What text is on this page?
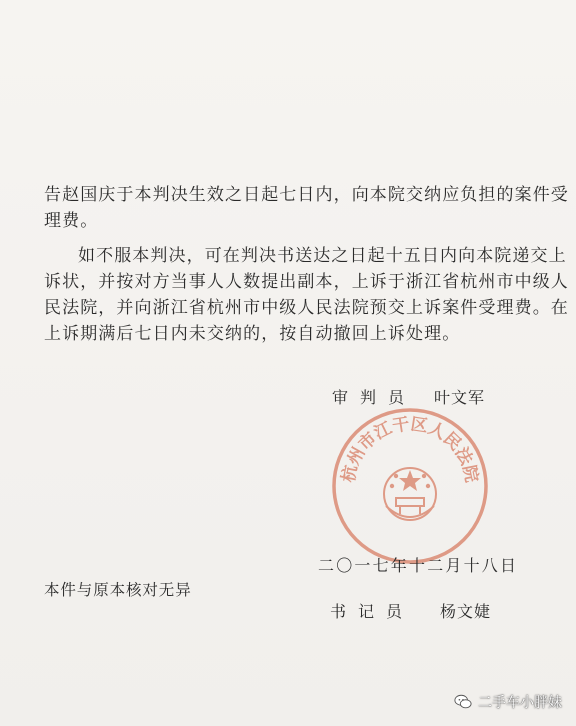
告赵国庆于本判决生效之日起七日内，向本院交纳应负担的案件受
理费。
如不服本判决，可在判决书送达之日起十五日内向本院递交上
诉状，并按对方当事人人数提出副本，上诉于浙江省杭州市中级人
民法院，并向浙江省杭州市中级人民法院预交上诉案件受理费。在
上诉期满后七日内未交纳的，按自动撤回上诉处理。
杭州市江干区人民法院
审判员 叶文军
二〇一七年十二月十八日
本件与原本核对无异
书记员 杨文婕
二手车小胖妹
